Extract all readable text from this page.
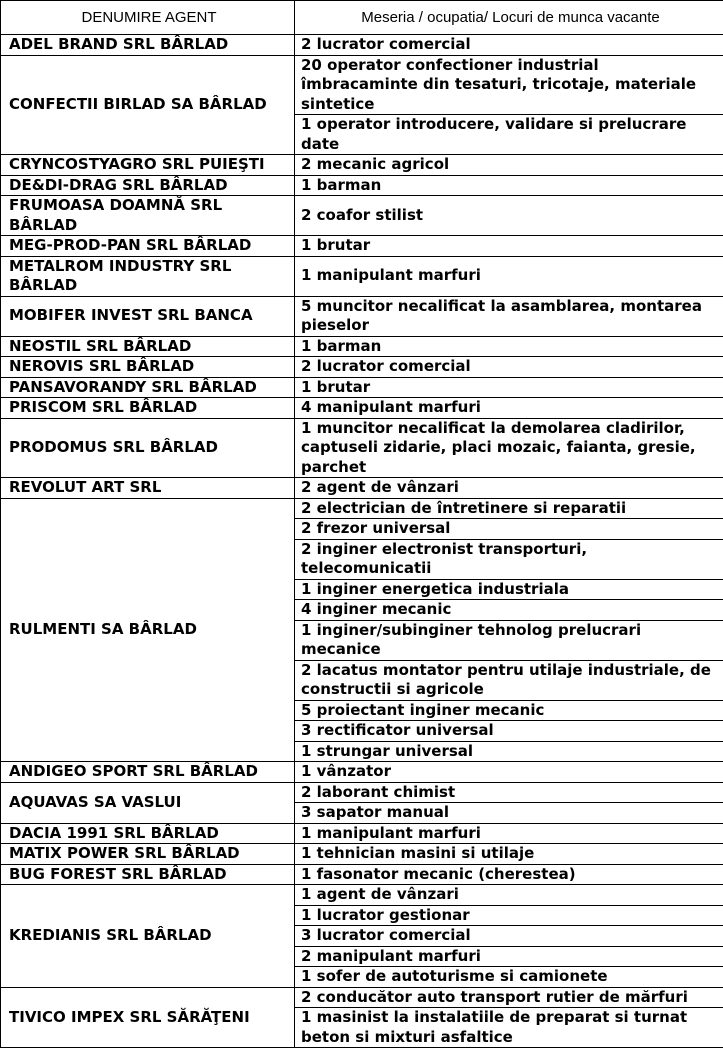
DENUMIRE AGENT	Meseria / ocupatia/ Locuri de munca vacante
ADEL BRAND SRL BÂRLAD	2 lucrator comercial
CONFECTII BIRLAD SA BÂRLAD	20 operator confectioner industrial îmbracaminte din tesaturi, tricotaje, materiale sintetice
	1 operator introducere, validare si prelucrare date
CRYNCOSTYAGRO SRL PUIEŞTI	2 mecanic agricol
DE&DI-DRAG SRL BÂRLAD	1 barman
FRUMOASA DOAMNĂ SRL BÂRLAD	2 coafor stilist
MEG-PROD-PAN SRL BÂRLAD	1 brutar
METALROM INDUSTRY SRL BÂRLAD	1 manipulant marfuri
MOBIFER INVEST SRL BANCA	5 muncitor necalificat la asamblarea, montarea pieselor
NEOSTIL SRL BÂRLAD	1 barman
NEROVIS SRL BÂRLAD	2 lucrator comercial
PANSAVORANDY SRL BÂRLAD	1 brutar
PRISCOM SRL BÂRLAD	4 manipulant marfuri
PRODOMUS SRL BÂRLAD	1 muncitor necalificat la demolarea cladirilor, captuseli zidarie, placi mozaic, faianta, gresie, parchet
REVOLUT ART SRL	2 agent de vânzari
RULMENTI SA BÂRLAD	2 electrician de întretinere si reparatii
	2 frezor universal
	2 inginer electronist transporturi, telecomunicatii
	1 inginer energetica industriala
	4 inginer mecanic
	1 inginer/subinginer tehnolog prelucrari mecanice
	2 lacatus montator pentru utilaje industriale, de constructii si agricole
	5 proiectant inginer mecanic
	3 rectificator universal
	1 strungar universal
ANDIGEO SPORT SRL BÂRLAD	1 vânzator
AQUAVAS SA VASLUI	2 laborant chimist
	3 sapator manual
DACIA 1991 SRL BÂRLAD	1 manipulant marfuri
MATIX POWER SRL BÂRLAD	1 tehnician masini si utilaje
BUG FOREST SRL BÂRLAD	1 fasonator mecanic (cherestea)
KREDIANIS SRL BÂRLAD	1 agent de vânzari
	1 lucrator gestionar
	3 lucrator comercial
	2 manipulant marfuri
	1 sofer de autoturisme si camionete
TIVICO IMPEX SRL SĂRĂŢENI	2 conducător auto transport rutier de mărfuri
	1 masinist la instalatiile de preparat si turnat beton si mixturi asfaltice
